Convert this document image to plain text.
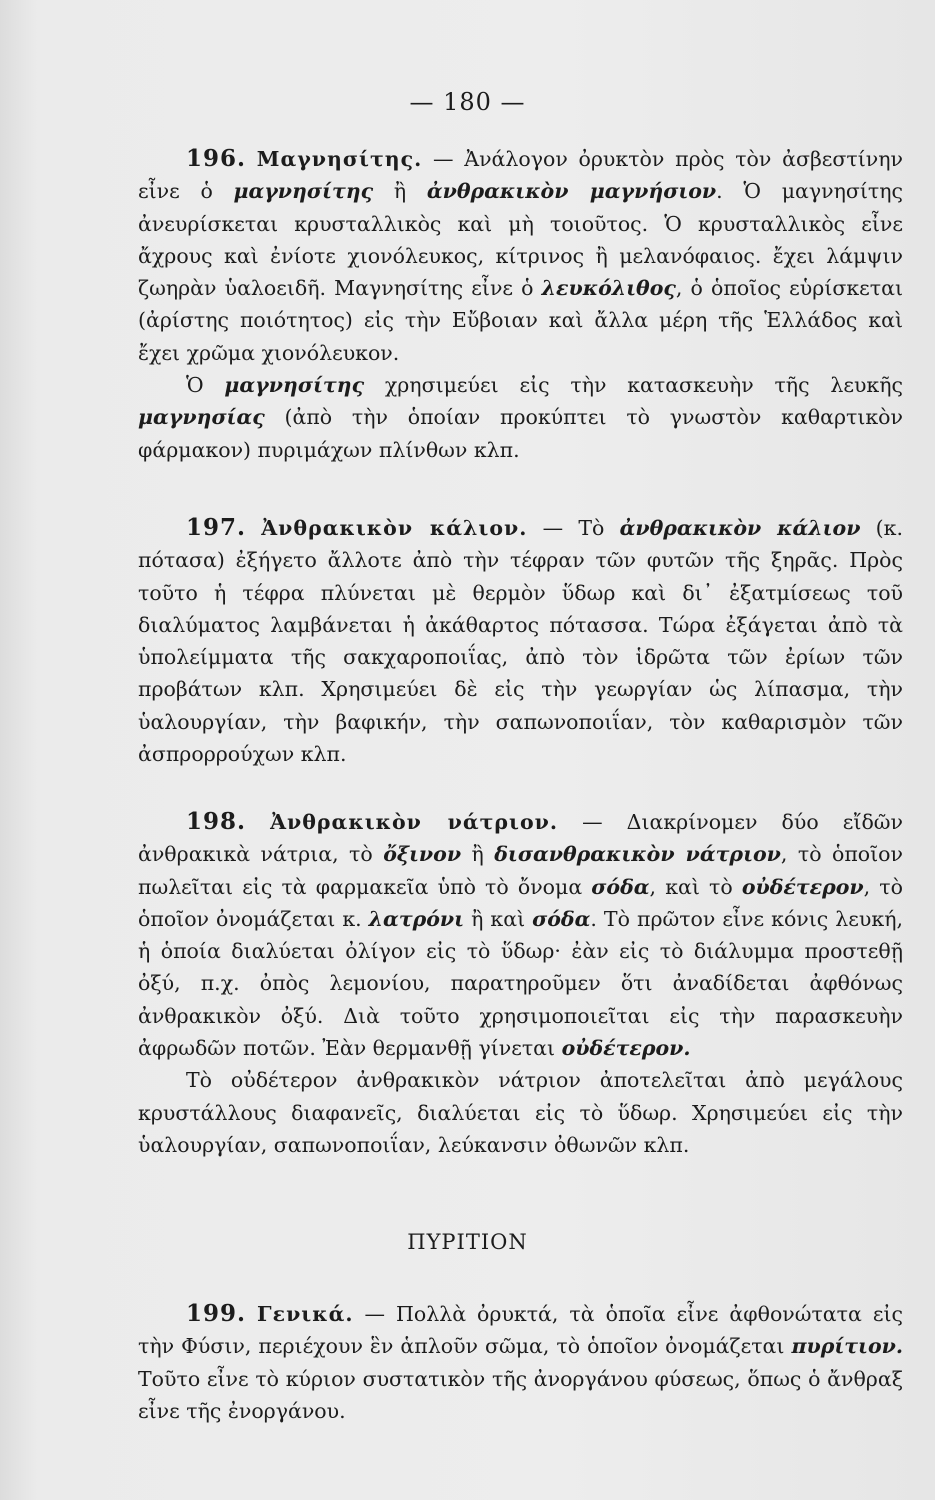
— 180 —

196. Μαγνησίτης. — Ἀνάλογον ὀρυκτὸν πρὸς τὸν ἀσβεστίνην εἶνε ὁ μαγνησίτης ἢ ἀνθρακικὸν μαγνήσιον. Ὁ μαγνησίτης ἀνευρίσκεται κρυσταλλικὸς καὶ μὴ τοιοῦτος. Ὁ κρυσταλλικὸς εἶνε ἄχρους καὶ ἐνίοτε χιονόλευκος, κίτρινος ἢ μελανόφαιος. ἔχει λάμψιν ζωηρὰν ὑαλοειδῆ. Μαγνησίτης εἶνε ὁ λευκόλιθος, ὁ ὁποῖος εὑρίσκεται (ἀρίστης ποιότητος) εἰς τὴν Εὔβοιαν καὶ ἄλλα μέρη τῆς Ἑλλάδος καὶ ἔχει χρῶμα χιονόλευκον.

Ὁ μαγνησίτης χρησιμεύει εἰς τὴν κατασκευὴν τῆς λευκῆς μαγνησίας (ἀπὸ τὴν ὁποίαν προκύπτει τὸ γνωστὸν καθαρτικὸν φάρμακον) πυριμάχων πλίνθων κλπ.

197. Ἀνθρακικὸν κάλιον. — Τὸ ἀνθρακικὸν κάλιον (κ. πότασα) ἐξήγετο ἄλλοτε ἀπὸ τὴν τέφραν τῶν φυτῶν τῆς ξηρᾶς. Πρὸς τοῦτο ἡ τέφρα πλύνεται μὲ θερμὸν ὕδωρ καὶ δι᾽ ἐξατμίσεως τοῦ διαλύματος λαμβάνεται ἡ ἀκάθαρτος πότασσα. Τώρα ἐξάγεται ἀπὸ τὰ ὑπολείμματα τῆς σακχαροποιΐας, ἀπὸ τὸν ἱδρῶτα τῶν ἐρίων τῶν προβάτων κλπ. Χρησιμεύει δὲ εἰς τὴν γεωργίαν ὡς λίπασμα, τὴν ὑαλουργίαν, τὴν βαφικήν, τὴν σαπωνοποιΐαν, τὸν καθαρισμὸν τῶν ἀσπρορρούχων κλπ.

198. Ἀνθρακικὸν νάτριον. — Διακρίνομεν δύο εἴδῶν ἀνθρακικὰ νάτρια, τὸ ὄξινον ἢ δισανθρακικὸν νάτριον, τὸ ὁποῖον πωλεῖται εἰς τὰ φαρμακεῖα ὑπὸ τὸ ὄνομα σόδα, καὶ τὸ οὐδέτερον, τὸ ὁποῖον ὀνομάζεται κ. λατρόνι ἢ καὶ σόδα. Τὸ πρῶτον εἶνε κόνις λευκή, ἡ ὁποία διαλύεται ὀλίγον εἰς τὸ ὕδωρ· ἐὰν εἰς τὸ διάλυμμα προστεθῇ ὀξύ, π.χ. ὀπὸς λεμονίου, παρατηροῦμεν ὅτι ἀναδίδεται ἀφθόνως ἀνθρακικὸν ὀξύ. Διὰ τοῦτο χρησιμοποιεῖται εἰς τὴν παρασκευὴν ἀφρωδῶν ποτῶν. Ἐὰν θερμανθῇ γίνεται οὐδέτερον.

Τὸ οὐδέτερον ἀνθρακικὸν νάτριον ἀποτελεῖται ἀπὸ μεγάλους κρυστάλλους διαφανεῖς, διαλύεται εἰς τὸ ὕδωρ. Χρησιμεύει εἰς τὴν ὑαλουργίαν, σαπωνοποιΐαν, λεύκανσιν ὀθωνῶν κλπ.

ΠΥΡΙΤΙΟΝ

199. Γενικά. — Πολλὰ ὀρυκτά, τὰ ὁποῖα εἶνε ἀφθονώτατα εἰς τὴν Φύσιν, περιέχουν ἓν ἁπλοῦν σῶμα, τὸ ὁποῖον ὀνομάζεται πυρίτιον. Τοῦτο εἶνε τὸ κύριον συστατικὸν τῆς ἀνοργάνου φύσεως, ὅπως ὁ ἄνθραξ εἶνε τῆς ἐνοργάνου.
